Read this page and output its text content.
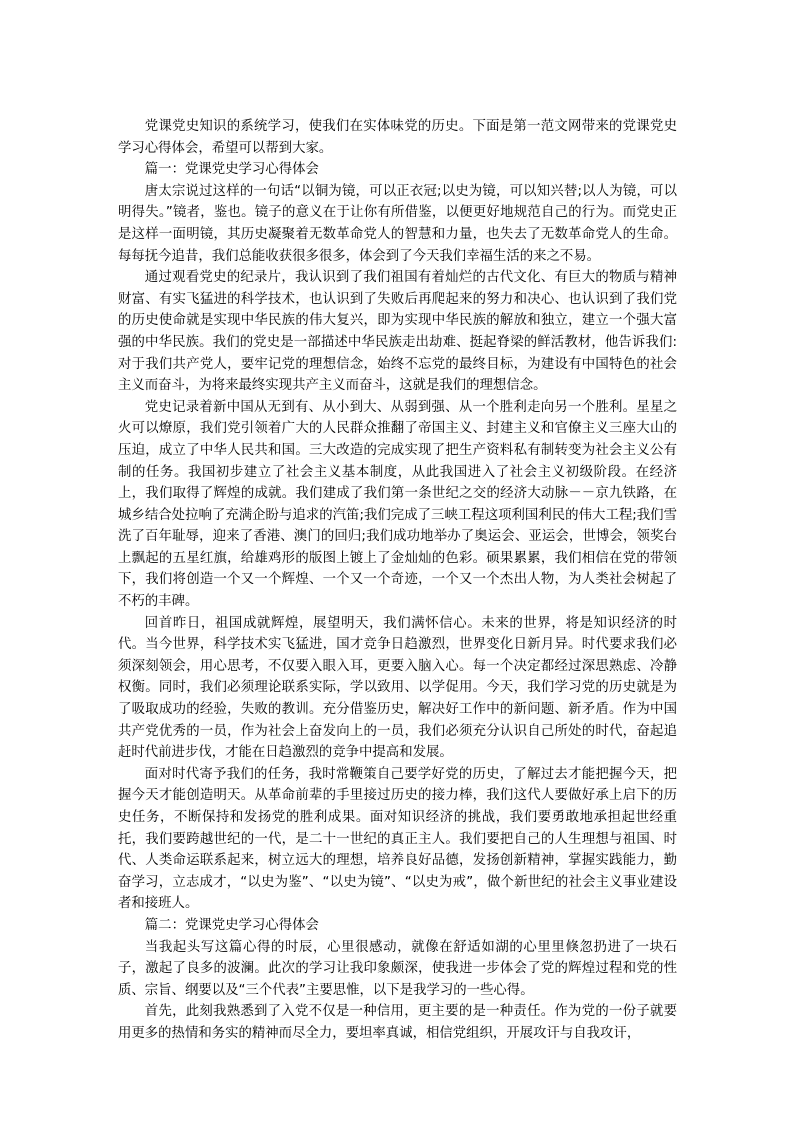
党课党史知识的系统学习，使我们在实体味党的历史。下面是第一范文网带来的党课党史学习心得体会，希望可以帮到大家。

篇一：党课党史学习心得体会

唐太宗说过这样的一句话“以铜为镜，可以正衣冠;以史为镜，可以知兴替;以人为镜，可以明得失。”镜者，鉴也。镜子的意义在于让你有所借鉴，以便更好地规范自己的行为。而党史正是这样一面明镜，其历史凝聚着无数革命党人的智慧和力量，也失去了无数革命党人的生命。每每抚今追昔，我们总能收获很多很多，体会到了今天我们幸福生活的来之不易。

通过观看党史的纪录片，我认识到了我们祖国有着灿烂的古代文化、有巨大的物质与精神财富、有实飞猛进的科学技术，也认识到了失败后再爬起来的努力和决心、也认识到了我们党的历史使命就是实现中华民族的伟大复兴，即为实现中华民族的解放和独立，建立一个强大富强的中华民族。我们的党史是一部描述中华民族走出劫难、挺起脊梁的鲜活教材，他告诉我们: 对于我们共产党人，要牢记党的理想信念，始终不忘党的最终目标，为建设有中国特色的社会主义而奋斗，为将来最终实现共产主义而奋斗，这就是我们的理想信念。

党史记录着新中国从无到有、从小到大、从弱到强、从一个胜利走向另一个胜利。星星之火可以燎原，我们党引领着广大的人民群众推翻了帝国主义、封建主义和官僚主义三座大山的压迫，成立了中华人民共和国。三大改造的完成实现了把生产资料私有制转变为社会主义公有制的任务。我国初步建立了社会主义基本制度，从此我国进入了社会主义初级阶段。在经济上，我们取得了辉煌的成就。我们建成了我们第一条世纪之交的经济大动脉－－京九铁路，在城乡结合处拉响了充满企盼与追求的汽笛;我们完成了三峡工程这项利国利民的伟大工程;我们雪洗了百年耻辱，迎来了香港、澳门的回归;我们成功地举办了奥运会、亚运会，世博会，领奖台上飘起的五星红旗，给雄鸡形的版图上镀上了金灿灿的色彩。硕果累累，我们相信在党的带领下，我们将创造一个又一个辉煌、一个又一个奇迹，一个又一个杰出人物，为人类社会树起了不朽的丰碑。

回首昨日，祖国成就辉煌，展望明天，我们满怀信心。未来的世界，将是知识经济的时代。当今世界，科学技术实飞猛进，国才竞争日趋激烈，世界变化日新月异。时代要求我们必须深刻领会，用心思考，不仅要入眼入耳，更要入脑入心。每一个决定都经过深思熟虑、冷静权衡。同时，我们必须理论联系实际，学以致用、以学促用。今天，我们学习党的历史就是为了吸取成功的经验，失败的教训。充分借鉴历史，解决好工作中的新问题、新矛盾。作为中国共产党优秀的一员，作为社会上奋发向上的一员，我们必须充分认识自己所处的时代，奋起追赶时代前进步伐，才能在日趋激烈的竞争中提高和发展。

面对时代寄予我们的任务，我时常鞭策自己要学好党的历史，了解过去才能把握今天，把握今天才能创造明天。从革命前辈的手里接过历史的接力棒，我们这代人要做好承上启下的历史任务，不断保持和发扬党的胜利成果。面对知识经济的挑战，我们要勇敢地承担起世经重托，我们要跨越世纪的一代，是二十一世纪的真正主人。我们要把自己的人生理想与祖国、时代、人类命运联系起来，树立远大的理想，培养良好品德，发扬创新精神，掌握实践能力，勤奋学习，立志成才，“以史为鉴”、“以史为镜”、“以史为戒”，做个新世纪的社会主义事业建设者和接班人。

篇二：党课党史学习心得体会

当我起头写这篇心得的时辰，心里很感动，就像在舒适如湖的心里里倏忽扔进了一块石子，激起了良多的波澜。此次的学习让我印象颇深，使我进一步体会了党的辉煌过程和党的性质、宗旨、纲要以及“三个代表”主要思惟，以下是我学习的一些心得。

首先，此刻我熟悉到了入党不仅是一种信用，更主要的是一种责任。作为党的一份子就要用更多的热情和务实的精神而尽全力，要坦率真诚，相信党组织，开展攻讦与自我攻讦，
